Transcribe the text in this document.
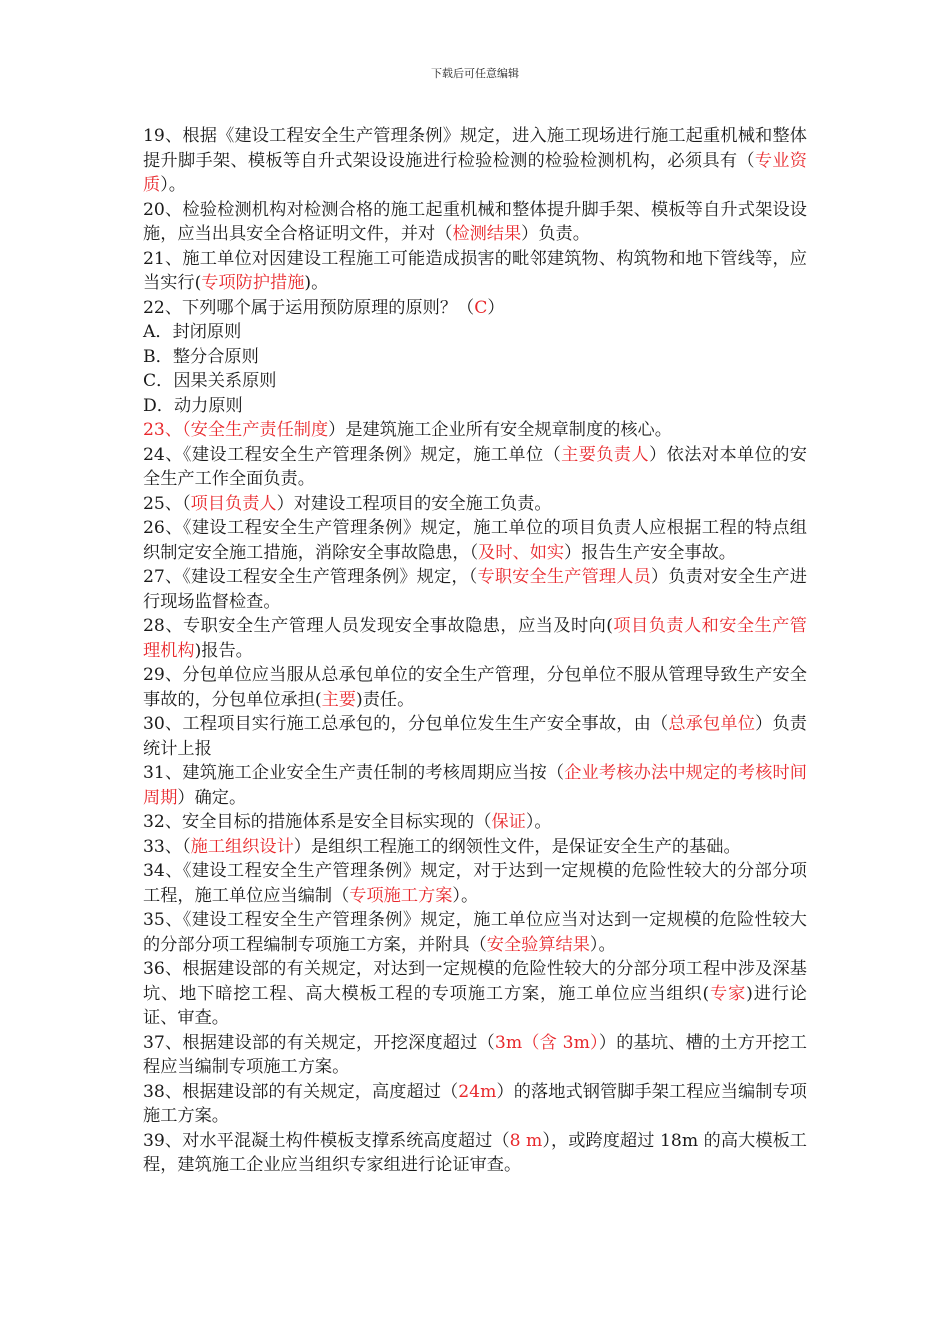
下载后可任意编辑

19、根据《建设工程安全生产管理条例》规定，进入施工现场进行施工起重机械和整体提升脚手架、模板等自升式架设设施进行检验检测的检验检测机构，必须具有（专业资质）。

20、检验检测机构对检测合格的施工起重机械和整体提升脚手架、模板等自升式架设设施，应当出具安全合格证明文件，并对（检测结果）负责。

21、施工单位对因建设工程施工可能造成损害的毗邻建筑物、构筑物和地下管线等，应当实行(专项防护措施)。

22、下列哪个属于运用预防原理的原则？（C）

A．封闭原则

B．整分合原则

C．因果关系原则

D．动力原则

23、（安全生产责任制度）是建筑施工企业所有安全规章制度的核心。

24、《建设工程安全生产管理条例》规定，施工单位（主要负责人）依法对本单位的安全生产工作全面负责。

25、（项目负责人）对建设工程项目的安全施工负责。

26、《建设工程安全生产管理条例》规定，施工单位的项目负责人应根据工程的特点组织制定安全施工措施，消除安全事故隐患，（及时、如实）报告生产安全事故。

27、《建设工程安全生产管理条例》规定，（专职安全生产管理人员）负责对安全生产进行现场监督检查。

28、专职安全生产管理人员发现安全事故隐患，应当及时向(项目负责人和安全生产管理机构)报告。

29、分包单位应当服从总承包单位的安全生产管理，分包单位不服从管理导致生产安全事故的，分包单位承担(主要)责任。

30、工程项目实行施工总承包的，分包单位发生生产安全事故，由（总承包单位）负责统计上报

31、建筑施工企业安全生产责任制的考核周期应当按（企业考核办法中规定的考核时间周期）确定。

32、安全目标的措施体系是安全目标实现的（保证）。

33、（施工组织设计）是组织工程施工的纲领性文件，是保证安全生产的基础。

34、《建设工程安全生产管理条例》规定，对于达到一定规模的危险性较大的分部分项工程，施工单位应当编制（专项施工方案）。

35、《建设工程安全生产管理条例》规定，施工单位应当对达到一定规模的危险性较大的分部分项工程编制专项施工方案，并附具（安全验算结果）。

36、根据建设部的有关规定，对达到一定规模的危险性较大的分部分项工程中涉及深基坑、地下暗挖工程、高大模板工程的专项施工方案，施工单位应当组织(专家)进行论证、审查。

37、根据建设部的有关规定，开挖深度超过（3m（含 3m））的基坑、槽的土方开挖工程应当编制专项施工方案。

38、根据建设部的有关规定，高度超过（24m）的落地式钢管脚手架工程应当编制专项施工方案。

39、对水平混凝土构件模板支撑系统高度超过（8 m），或跨度超过 18m 的高大模板工程，建筑施工企业应当组织专家组进行论证审查。
